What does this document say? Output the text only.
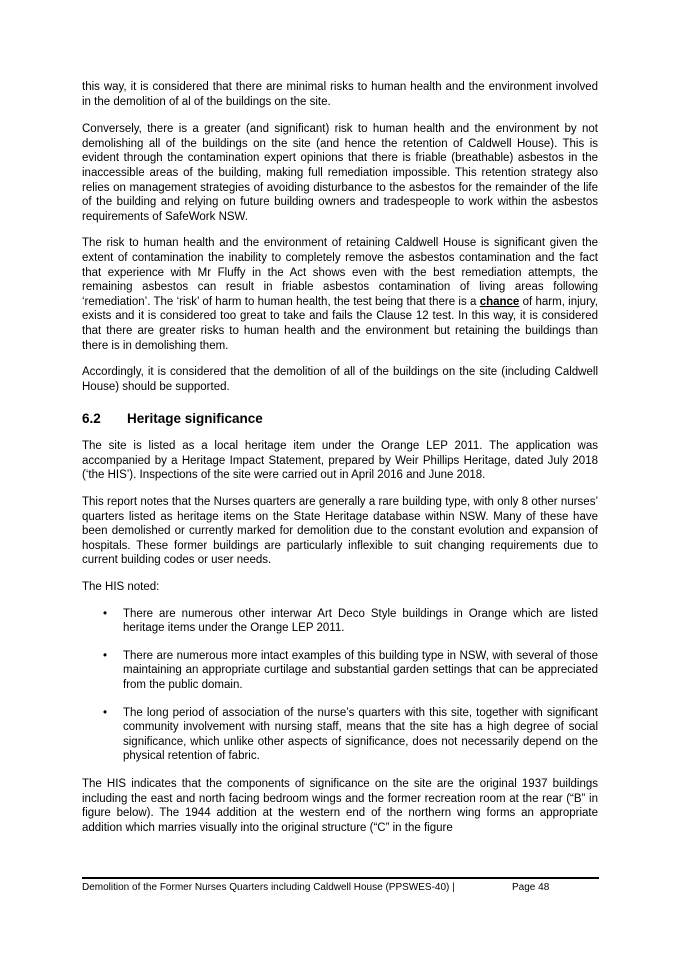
this way, it is considered that there are minimal risks to human health and the environment involved in the demolition of al of the buildings on the site.

Conversely, there is a greater (and significant) risk to human health and the environment by not demolishing all of the buildings on the site (and hence the retention of Caldwell House). This is evident through the contamination expert opinions that there is friable (breathable) asbestos in the inaccessible areas of the building, making full remediation impossible. This retention strategy also relies on management strategies of avoiding disturbance to the asbestos for the remainder of the life of the building and relying on future building owners and tradespeople to work within the asbestos requirements of SafeWork NSW.

The risk to human health and the environment of retaining Caldwell House is significant given the extent of contamination the inability to completely remove the asbestos contamination and the fact that experience with Mr Fluffy in the Act shows even with the best remediation attempts, the remaining asbestos can result in friable asbestos contamination of living areas following ‘remediation’. The ‘risk’ of harm to human health, the test being that there is a chance of harm, injury, exists and it is considered too great to take and fails the Clause 12 test. In this way, it is considered that there are greater risks to human health and the environment but retaining the buildings than there is in demolishing them.

Accordingly, it is considered that the demolition of all of the buildings on the site (including Caldwell House) should be supported.

6.2	Heritage significance

The site is listed as a local heritage item under the Orange LEP 2011. The application was accompanied by a Heritage Impact Statement, prepared by Weir Phillips Heritage, dated July 2018 (‘the HIS’). Inspections of the site were carried out in April 2016 and June 2018.

This report notes that the Nurses quarters are generally a rare building type, with only 8 other nurses’ quarters listed as heritage items on the State Heritage database within NSW. Many of these have been demolished or currently marked for demolition due to the constant evolution and expansion of hospitals. These former buildings are particularly inflexible to suit changing requirements due to current building codes or user needs.

The HIS noted:

• There are numerous other interwar Art Deco Style buildings in Orange which are listed heritage items under the Orange LEP 2011.
• There are numerous more intact examples of this building type in NSW, with several of those maintaining an appropriate curtilage and substantial garden settings that can be appreciated from the public domain.
• The long period of association of the nurse’s quarters with this site, together with significant community involvement with nursing staff, means that the site has a high degree of social significance, which unlike other aspects of significance, does not necessarily depend on the physical retention of fabric.

The HIS indicates that the components of significance on the site are the original 1937 buildings including the east and north facing bedroom wings and the former recreation room at the rear (“B” in figure below). The 1944 addition at the western end of the northern wing forms an appropriate addition which marries visually into the original structure (“C” in the figure

Demolition of the Former Nurses Quarters including Caldwell House (PPSWES-40) |	Page 48
